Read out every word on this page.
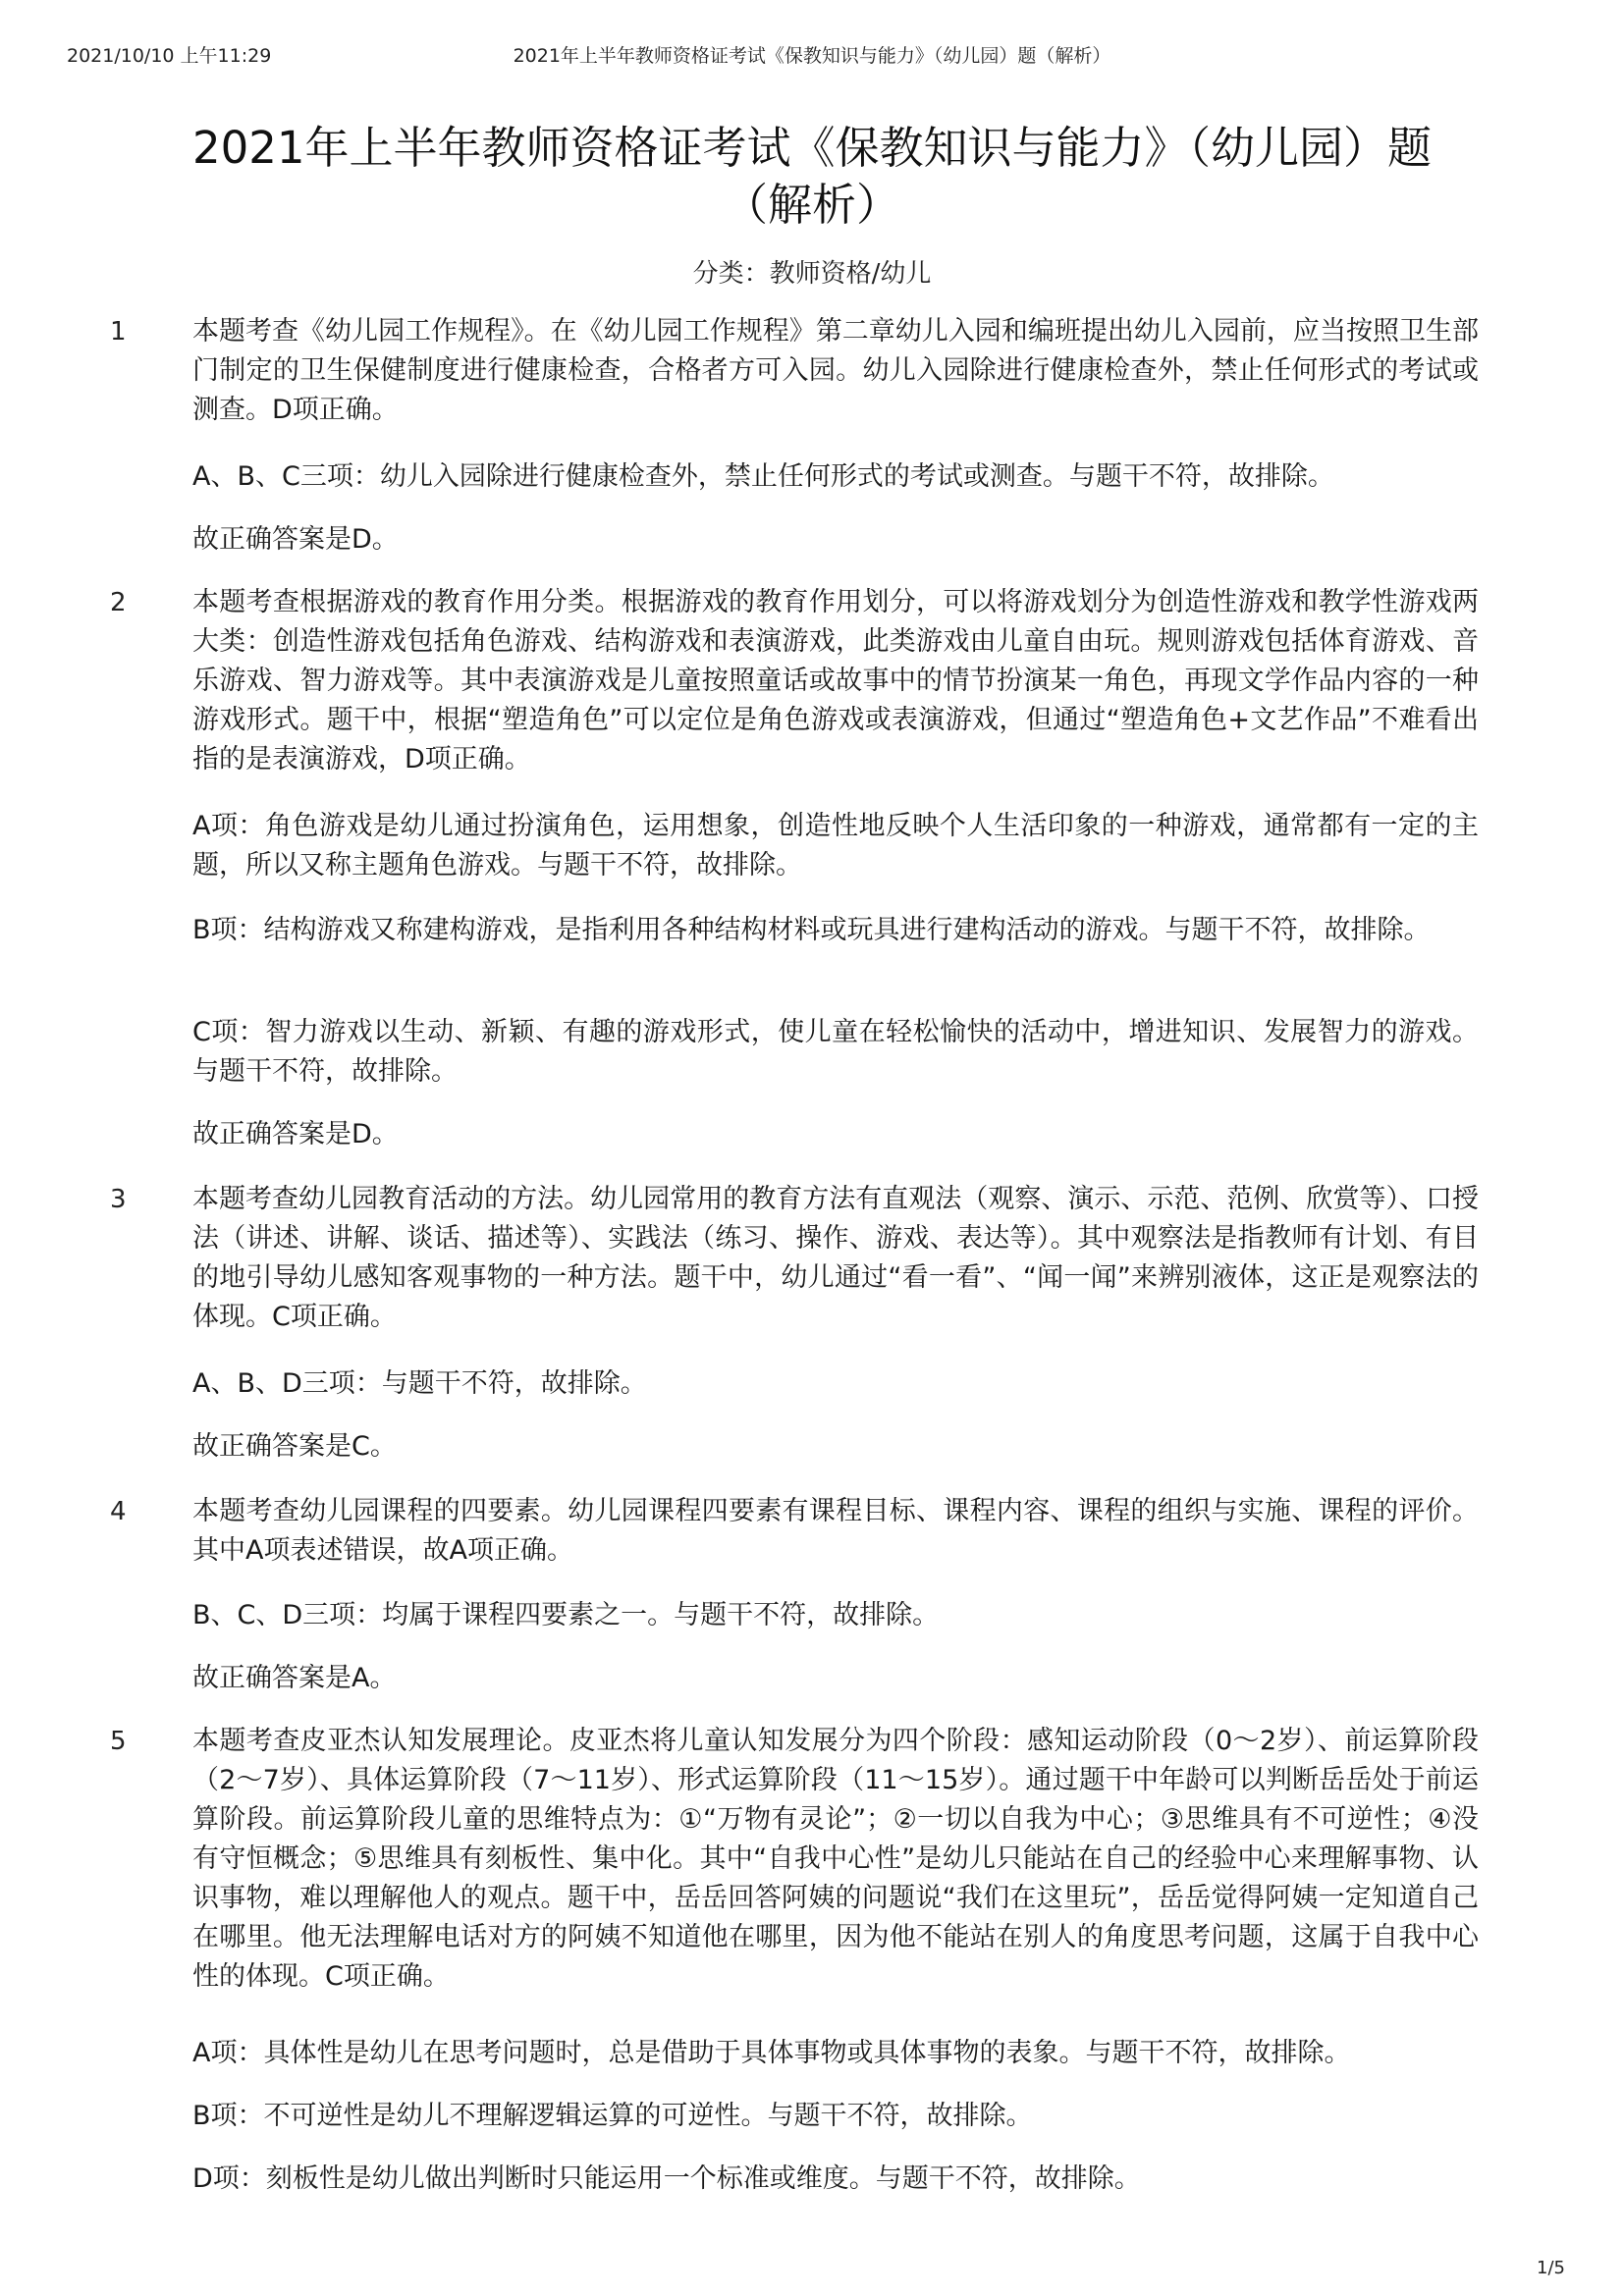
2021/10/10 上午11:29	2021年上半年教师资格证考试《保教知识与能力》（幼儿园）题（解析）
2021年上半年教师资格证考试《保教知识与能力》（幼儿园）题
（解析）
分类：教师资格/幼儿
1 本题考查《幼儿园工作规程》。在《幼儿园工作规程》第二章幼儿入园和编班提出幼儿入园前，应当按照卫生部门制定的卫生保健制度进行健康检查，合格者方可入园。幼儿入园除进行健康检查外，禁止任何形式的考试或测查。D项正确。

A、B、C三项：幼儿入园除进行健康检查外，禁止任何形式的考试或测查。与题干不符，故排除。

故正确答案是D。

2 本题考查根据游戏的教育作用分类。根据游戏的教育作用划分，可以将游戏划分为创造性游戏和教学性游戏两大类：创造性游戏包括角色游戏、结构游戏和表演游戏，此类游戏由儿童自由玩。规则游戏包括体育游戏、音乐游戏、智力游戏等。其中表演游戏是儿童按照童话或故事中的情节扮演某一角色，再现文学作品内容的一种游戏形式。题干中，根据“塑造角色”可以定位是角色游戏或表演游戏，但通过“塑造角色+文艺作品”不难看出指的是表演游戏，D项正确。

A项：角色游戏是幼儿通过扮演角色，运用想象，创造性地反映个人生活印象的一种游戏，通常都有一定的主题，所以又称主题角色游戏。与题干不符，故排除。

B项：结构游戏又称建构游戏，是指利用各种结构材料或玩具进行建构活动的游戏。与题干不符，故排除。

C项：智力游戏以生动、新颖、有趣的游戏形式，使儿童在轻松愉快的活动中，增进知识、发展智力的游戏。与题干不符，故排除。

故正确答案是D。

3 本题考查幼儿园教育活动的方法。幼儿园常用的教育方法有直观法（观察、演示、示范、范例、欣赏等）、口授法（讲述、讲解、谈话、描述等）、实践法（练习、操作、游戏、表达等）。其中观察法是指教师有计划、有目的地引导幼儿感知客观事物的一种方法。题干中，幼儿通过“看一看”、“闻一闻”来辨别液体，这正是观察法的体现。C项正确。

A、B、D三项：与题干不符，故排除。

故正确答案是C。

4 本题考查幼儿园课程的四要素。幼儿园课程四要素有课程目标、课程内容、课程的组织与实施、课程的评价。其中A项表述错误，故A项正确。

B、C、D三项：均属于课程四要素之一。与题干不符，故排除。

故正确答案是A。

5 本题考查皮亚杰认知发展理论。皮亚杰将儿童认知发展分为四个阶段：感知运动阶段（0～2岁）、前运算阶段（2～7岁）、具体运算阶段（7～11岁）、形式运算阶段（11～15岁）。通过题干中年龄可以判断岳岳处于前运算阶段。前运算阶段儿童的思维特点为：①“万物有灵论”；②一切以自我为中心；③思维具有不可逆性；④没有守恒概念；⑤思维具有刻板性、集中化。其中“自我中心性”是幼儿只能站在自己的经验中心来理解事物、认识事物，难以理解他人的观点。题干中，岳岳回答阿姨的问题说“我们在这里玩”，岳岳觉得阿姨一定知道自己在哪里。他无法理解电话对方的阿姨不知道他在哪里，因为他不能站在别人的角度思考问题，这属于自我中心性的体现。C项正确。

A项：具体性是幼儿在思考问题时，总是借助于具体事物或具体事物的表象。与题干不符，故排除。

B项：不可逆性是幼儿不理解逻辑运算的可逆性。与题干不符，故排除。

D项：刻板性是幼儿做出判断时只能运用一个标准或维度。与题干不符，故排除。

1/5
